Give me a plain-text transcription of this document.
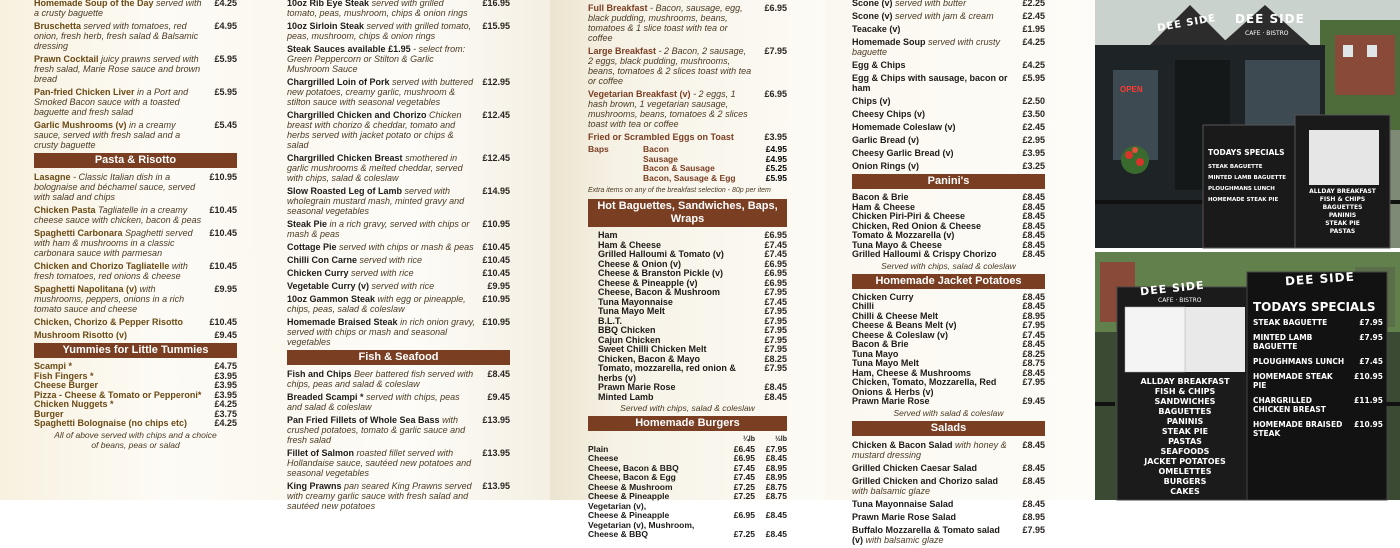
Homemade Soup of the Day served with a crusty baguette
£4.25
Bruschetta served with tomatoes, red onion, fresh herb, fresh salad & Balsamic dressing
£4.95
Prawn Cocktail juicy prawns served with fresh salad, Marie Rose sauce and brown bread
£5.95
Pan-fried Chicken Liver in a Port and Smoked Bacon sauce with a toasted baguette and fresh salad
£5.95
Garlic Mushrooms (v) in a creamy sauce, served with fresh salad and a crusty baguette
£5.45
Pasta & Risotto
Lasagne - Classic Italian dish in a bolognaise and béchamel sauce, served with salad and chips
£10.95
Chicken Pasta Tagliatelle in a creamy cheese sauce with chicken, bacon & peas
£10.45
Spaghetti Carbonara Spaghetti served with ham & mushrooms in a classic carbonara sauce with parmesan
£10.45
Chicken and Chorizo Tagliatelle with fresh tomatoes, red onions & cheese
£10.45
Spaghetti Napolitana (v) with mushrooms, peppers, onions in a rich tomato sauce and cheese
£9.95
Chicken, Chorizo & Pepper Risotto	£10.45
Mushroom Risotto (v)	£9.45
Yummies for Little Tummies
Scampi *	£4.75
Fish Fingers *	£3.95
Cheese Burger	£3.95
Pizza - Cheese & Tomato or Pepperoni*	£3.95
Chicken Nuggets *	£4.25
Burger	£3.75
Spaghetti Bolognaise (no chips etc)	£4.25
All of above served with chips and a choice of beans, peas or salad
10oz Rib Eye Steak served with grilled tomato, peas, mushroom, chips & onion rings
£16.95
10oz Sirloin Steak served with grilled tomato, peas, mushroom, chips & onion rings
£15.95
Steak Sauces available £1.95 - select from: Green Peppercorn or Stilton & Garlic Mushroom Sauce
Chargrilled Loin of Pork served with buttered new potatoes, creamy garlic, mushroom & stilton sauce with seasonal vegetables
£12.95
Chargrilled Chicken and Chorizo Chicken breast with chorizo & cheddar, tomato and herbs served with jacket potato or chips & salad
£12.45
Chargrilled Chicken Breast smothered in garlic mushrooms & melted cheddar, served with chips, salad & coleslaw
£12.45
Slow Roasted Leg of Lamb served with wholegrain mustard mash, minted gravy and seasonal vegetables
£14.95
Steak Pie in a rich gravy, served with chips or mash & peas
£10.95
Cottage Pie served with chips or mash & peas £10.45
Chilli Con Carne served with rice	£10.45
Chicken Curry served with rice	£10.45
Vegetable Curry (v) served with rice	£9.95
10oz Gammon Steak with egg or pineapple, chips, peas, salad & coleslaw
£10.95
Homemade Braised Steak in rich onion gravy, served with chips or mash and seasonal vegetables
£10.95
Fish & Seafood
Fish and Chips Beer battered fish served with chips, peas and salad & coleslaw
£8.45
Breaded Scampi * served with chips, peas and salad & coleslaw
£9.45
Pan Fried Fillets of Whole Sea Bass with crushed potatoes, tomato & garlic sauce and fresh salad
£13.95
Fillet of Salmon roasted fillet served with Hollandaise sauce, sautéed new potatoes and seasonal vegetables
£13.95
King Prawns pan seared King Prawns served with creamy garlic sauce with fresh salad and sautéed new potatoes
£13.95
Full Breakfast - Bacon, sausage, egg, black pudding, mushrooms, beans, tomatoes & 1 slice toast with tea or coffee
£6.95
Large Breakfast - 2 Bacon, 2 sausage, 2 eggs, black pudding, mushrooms, beans, tomatoes & 2 slices toast with tea or coffee
£7.95
Vegetarian Breakfast (v) - 2 eggs, 1 hash brown, 1 vegetarian sausage, mushrooms, beans, tomatoes & 2 slices toast with tea or coffee
£6.95
Fried or Scrambled Eggs on Toast	£3.95
Baps	Bacon	£4.95
Sausage	£4.95
Bacon & Sausage	£5.25
Bacon, Sausage & Egg	£5.95
Extra items on any of the breakfast selection - 80p per item
Hot Baguettes, Sandwiches, Baps, Wraps
Ham	£6.95
Ham & Cheese	£7.45
Grilled Halloumi & Tomato (v)	£7.45
Cheese & Onion (v)	£6.95
Cheese & Branston Pickle (v)	£6.95
Cheese & Pineapple (v)	£6.95
Cheese, Bacon & Mushroom	£7.95
Tuna Mayonnaise	£7.45
Tuna Mayo Melt	£7.95
B.L.T.	£7.95
BBQ Chicken	£7.95
Cajun Chicken	£7.95
Sweet Chilli Chicken Melt	£7.95
Chicken, Bacon & Mayo	£8.25
Tomato, mozzarella, red onion & herbs (v)
£7.95
Prawn Marie Rose	£8.45
Minted Lamb	£8.45
Served with chips, salad & coleslaw
Homemade Burgers
	¼lb	½lb
Plain	£6.45	£7.95
Cheese	£6.95	£8.45
Cheese, Bacon & BBQ	£7.45	£8.95
Cheese, Bacon & Egg	£7.45	£8.95
Cheese & Mushroom	£7.25	£8.75
Cheese & Pineapple	£7.25	£8.75
Vegetarian (v),		
Cheese & Pineapple	£6.95	£8.45
Vegetarian (v), Mushroom,		
Cheese & BBQ	£7.25	£8.45
Scone (v) served with butter	£2.25
Scone (v) served with jam & cream	£2.45
Teacake (v)	£1.95
Homemade Soup served with crusty baguette
£4.25
Egg & Chips	£4.25
Egg & Chips with sausage, bacon or ham
£5.95
Chips (v)	£2.50
Cheesy Chips (v)	£3.50
Homemade Coleslaw (v)	£2.45
Garlic Bread (v)	£2.95
Cheesy Garlic Bread (v)	£3.95
Onion Rings (v)	£3.25
Panini's
Bacon & Brie	£8.45
Ham & Cheese	£8.45
Chicken Piri-Piri & Cheese	£8.45
Chicken, Red Onion & Cheese	£8.45
Tomato & Mozzarella (v)	£8.45
Tuna Mayo & Cheese	£8.45
Grilled Halloumi & Crispy Chorizo	£8.45
Served with chips, salad & coleslaw
Homemade Jacket Potatoes
Chicken Curry	£8.45
Chilli	£8.45
Chilli & Cheese Melt	£8.95
Cheese & Beans Melt (v)	£7.95
Cheese & Coleslaw (v)	£7.45
Bacon & Brie	£8.45
Tuna Mayo	£8.25
Tuna Mayo Melt	£8.75
Ham, Cheese & Mushrooms	£8.45
Chicken, Tomato, Mozzarella, Red Onions & Herbs (v)
£7.95
Prawn Marie Rose	£9.45
Served with salad & coleslaw
Salads
Chicken & Bacon Salad with honey & mustard dressing
£8.45
Grilled Chicken Caesar Salad	£8.45
Grilled Chicken and Chorizo salad with balsamic glaze
£8.45
Tuna Mayonnaise Salad	£8.45
Prawn Marie Rose Salad	£8.95
Buffalo Mozzarella & Tomato salad (v) with balsamic glaze
£7.95
DEE SIDE DEE SIDE
CAFE · BISTRO
OPEN
TODAYS SPECIALS
STEAK BAGUETTE
MINTED LAMB BAGUETTE
PLOUGHMANS LUNCH
HOMEMADE STEAK PIE
ALLDAY BREAKFAST
FISH & CHIPS
BAGUETTES
PANINIS
STEAK PIE
PASTAS
DEE SIDE	DEE SIDE
CAFE · BISTRO	TODAYS SPECIALS
STEAK BAGUETTE	£7.95
MINTED LAMB BAGUETTE
£7.95
PLOUGHMANS LUNCH	£7.45
HOMEMADE STEAK PIE
£10.95
CHARGRILLED CHICKEN BREAST
£11.95
HOMEMADE BRAISED STEAK
£10.95
ALLDAY BREAKFAST
FISH & CHIPS
SANDWICHES
BAGUETTES
PANINIS
STEAK PIE
PASTAS
SEAFOODS
JACKET POTATOES
OMELETTES
BURGERS
CAKES
